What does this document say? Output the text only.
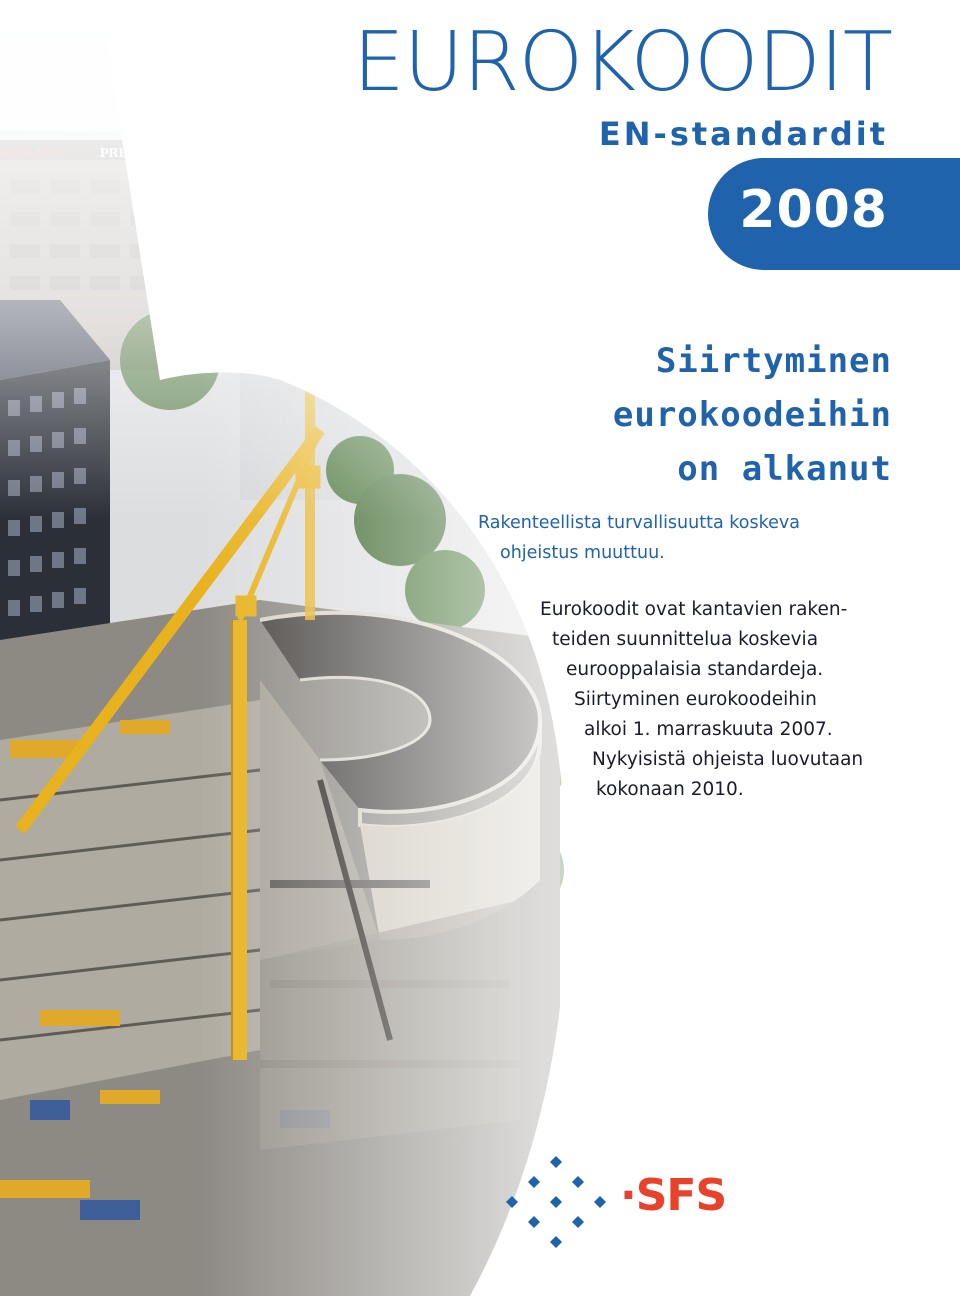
EUROKOODIT
EN-standardit
2008
Siirtyminen
eurokoodeihin
on alkanut

Rakenteellista turvallisuutta koskeva
ohjeistus muuttuu.

Eurokoodit ovat kantavien raken-
teiden suunnittelua koskevia
eurooppalaisia standardeja.
Siirtyminen eurokoodeihin
alkoi 1. marraskuuta 2007.
Nykyisistä ohjeista luovutaan
kokonaan 2010.

·SFS
